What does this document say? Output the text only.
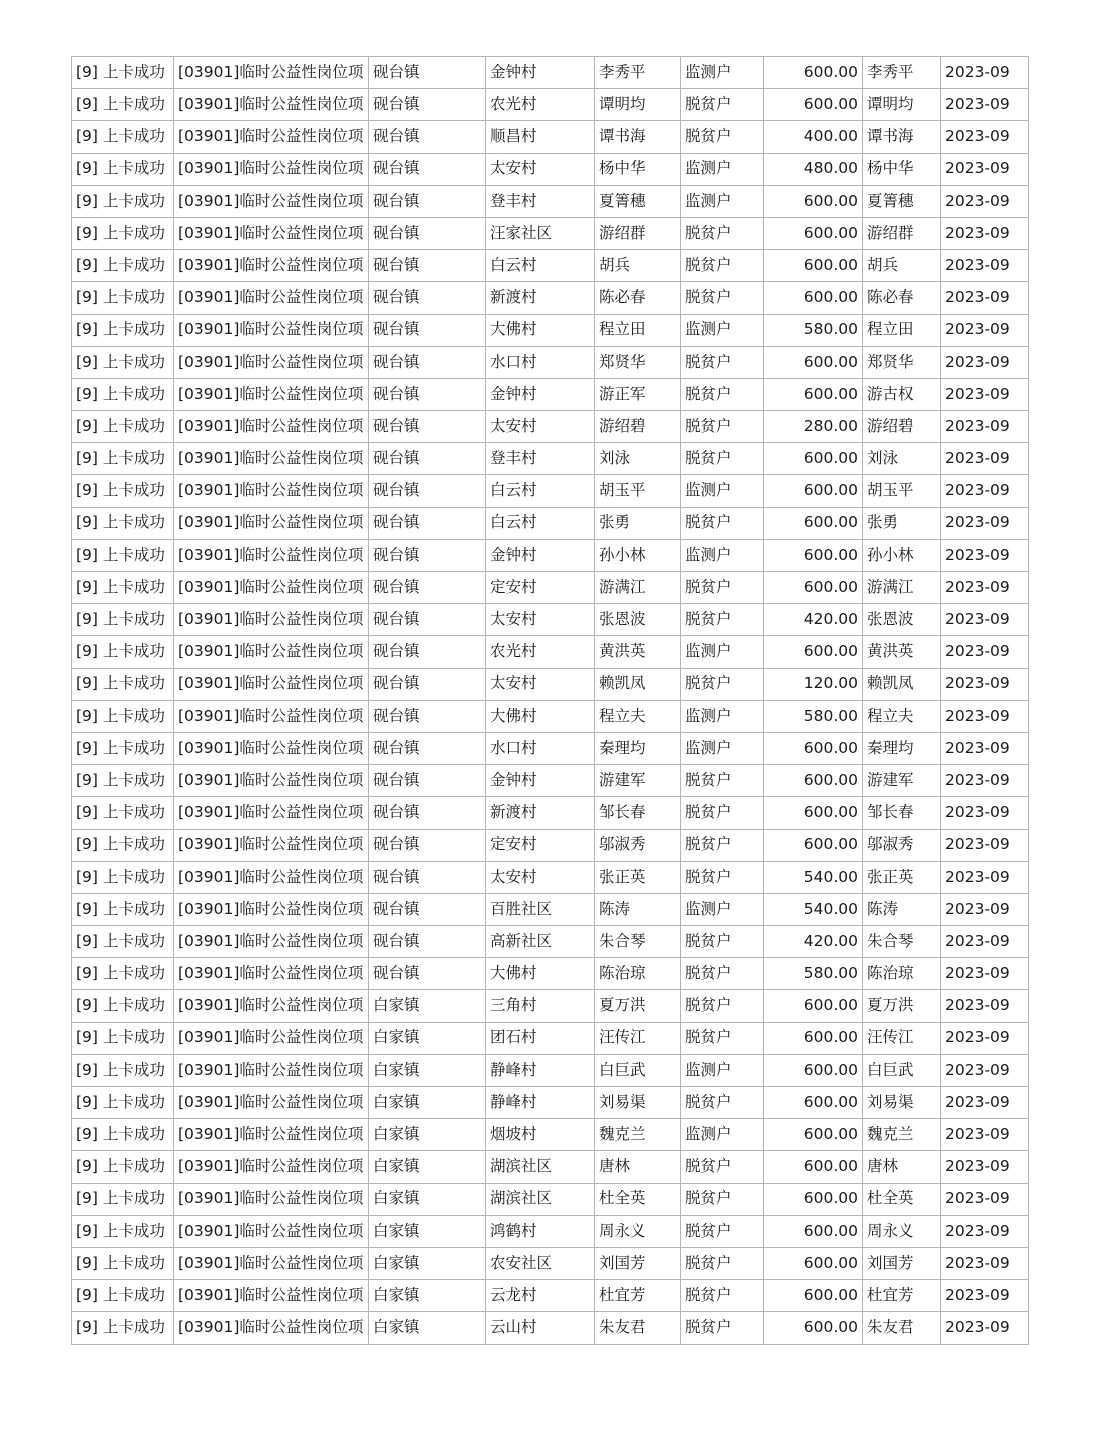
[9] 上卡成功	[03901]临时公益性岗位项	砚台镇	金钟村	李秀平	监测户	600.00	李秀平	2023-09
[9] 上卡成功	[03901]临时公益性岗位项	砚台镇	农光村	谭明均	脱贫户	600.00	谭明均	2023-09
[9] 上卡成功	[03901]临时公益性岗位项	砚台镇	顺昌村	谭书海	脱贫户	400.00	谭书海	2023-09
[9] 上卡成功	[03901]临时公益性岗位项	砚台镇	太安村	杨中华	监测户	480.00	杨中华	2023-09
[9] 上卡成功	[03901]临时公益性岗位项	砚台镇	登丰村	夏箐穗	监测户	600.00	夏箐穗	2023-09
[9] 上卡成功	[03901]临时公益性岗位项	砚台镇	汪家社区	游绍群	脱贫户	600.00	游绍群	2023-09
[9] 上卡成功	[03901]临时公益性岗位项	砚台镇	白云村	胡兵	脱贫户	600.00	胡兵	2023-09
[9] 上卡成功	[03901]临时公益性岗位项	砚台镇	新渡村	陈必春	脱贫户	600.00	陈必春	2023-09
[9] 上卡成功	[03901]临时公益性岗位项	砚台镇	大佛村	程立田	监测户	580.00	程立田	2023-09
[9] 上卡成功	[03901]临时公益性岗位项	砚台镇	水口村	郑贤华	脱贫户	600.00	郑贤华	2023-09
[9] 上卡成功	[03901]临时公益性岗位项	砚台镇	金钟村	游正军	脱贫户	600.00	游古权	2023-09
[9] 上卡成功	[03901]临时公益性岗位项	砚台镇	太安村	游绍碧	脱贫户	280.00	游绍碧	2023-09
[9] 上卡成功	[03901]临时公益性岗位项	砚台镇	登丰村	刘泳	脱贫户	600.00	刘泳	2023-09
[9] 上卡成功	[03901]临时公益性岗位项	砚台镇	白云村	胡玉平	监测户	600.00	胡玉平	2023-09
[9] 上卡成功	[03901]临时公益性岗位项	砚台镇	白云村	张勇	脱贫户	600.00	张勇	2023-09
[9] 上卡成功	[03901]临时公益性岗位项	砚台镇	金钟村	孙小林	监测户	600.00	孙小林	2023-09
[9] 上卡成功	[03901]临时公益性岗位项	砚台镇	定安村	游满江	脱贫户	600.00	游满江	2023-09
[9] 上卡成功	[03901]临时公益性岗位项	砚台镇	太安村	张恩波	脱贫户	420.00	张恩波	2023-09
[9] 上卡成功	[03901]临时公益性岗位项	砚台镇	农光村	黄洪英	监测户	600.00	黄洪英	2023-09
[9] 上卡成功	[03901]临时公益性岗位项	砚台镇	太安村	赖凯凤	脱贫户	120.00	赖凯凤	2023-09
[9] 上卡成功	[03901]临时公益性岗位项	砚台镇	大佛村	程立夫	监测户	580.00	程立夫	2023-09
[9] 上卡成功	[03901]临时公益性岗位项	砚台镇	水口村	秦理均	监测户	600.00	秦理均	2023-09
[9] 上卡成功	[03901]临时公益性岗位项	砚台镇	金钟村	游建军	脱贫户	600.00	游建军	2023-09
[9] 上卡成功	[03901]临时公益性岗位项	砚台镇	新渡村	邹长春	脱贫户	600.00	邹长春	2023-09
[9] 上卡成功	[03901]临时公益性岗位项	砚台镇	定安村	邬淑秀	脱贫户	600.00	邬淑秀	2023-09
[9] 上卡成功	[03901]临时公益性岗位项	砚台镇	太安村	张正英	脱贫户	540.00	张正英	2023-09
[9] 上卡成功	[03901]临时公益性岗位项	砚台镇	百胜社区	陈涛	监测户	540.00	陈涛	2023-09
[9] 上卡成功	[03901]临时公益性岗位项	砚台镇	高新社区	朱合琴	脱贫户	420.00	朱合琴	2023-09
[9] 上卡成功	[03901]临时公益性岗位项	砚台镇	大佛村	陈治琼	脱贫户	580.00	陈治琼	2023-09
[9] 上卡成功	[03901]临时公益性岗位项	白家镇	三角村	夏万洪	脱贫户	600.00	夏万洪	2023-09
[9] 上卡成功	[03901]临时公益性岗位项	白家镇	团石村	汪传江	脱贫户	600.00	汪传江	2023-09
[9] 上卡成功	[03901]临时公益性岗位项	白家镇	静峰村	白巨武	监测户	600.00	白巨武	2023-09
[9] 上卡成功	[03901]临时公益性岗位项	白家镇	静峰村	刘易渠	脱贫户	600.00	刘易渠	2023-09
[9] 上卡成功	[03901]临时公益性岗位项	白家镇	烟坡村	魏克兰	监测户	600.00	魏克兰	2023-09
[9] 上卡成功	[03901]临时公益性岗位项	白家镇	湖滨社区	唐林	脱贫户	600.00	唐林	2023-09
[9] 上卡成功	[03901]临时公益性岗位项	白家镇	湖滨社区	杜全英	脱贫户	600.00	杜全英	2023-09
[9] 上卡成功	[03901]临时公益性岗位项	白家镇	鸿鹤村	周永义	脱贫户	600.00	周永义	2023-09
[9] 上卡成功	[03901]临时公益性岗位项	白家镇	农安社区	刘国芳	脱贫户	600.00	刘国芳	2023-09
[9] 上卡成功	[03901]临时公益性岗位项	白家镇	云龙村	杜宜芳	脱贫户	600.00	杜宜芳	2023-09
[9] 上卡成功	[03901]临时公益性岗位项	白家镇	云山村	朱友君	脱贫户	600.00	朱友君	2023-09
